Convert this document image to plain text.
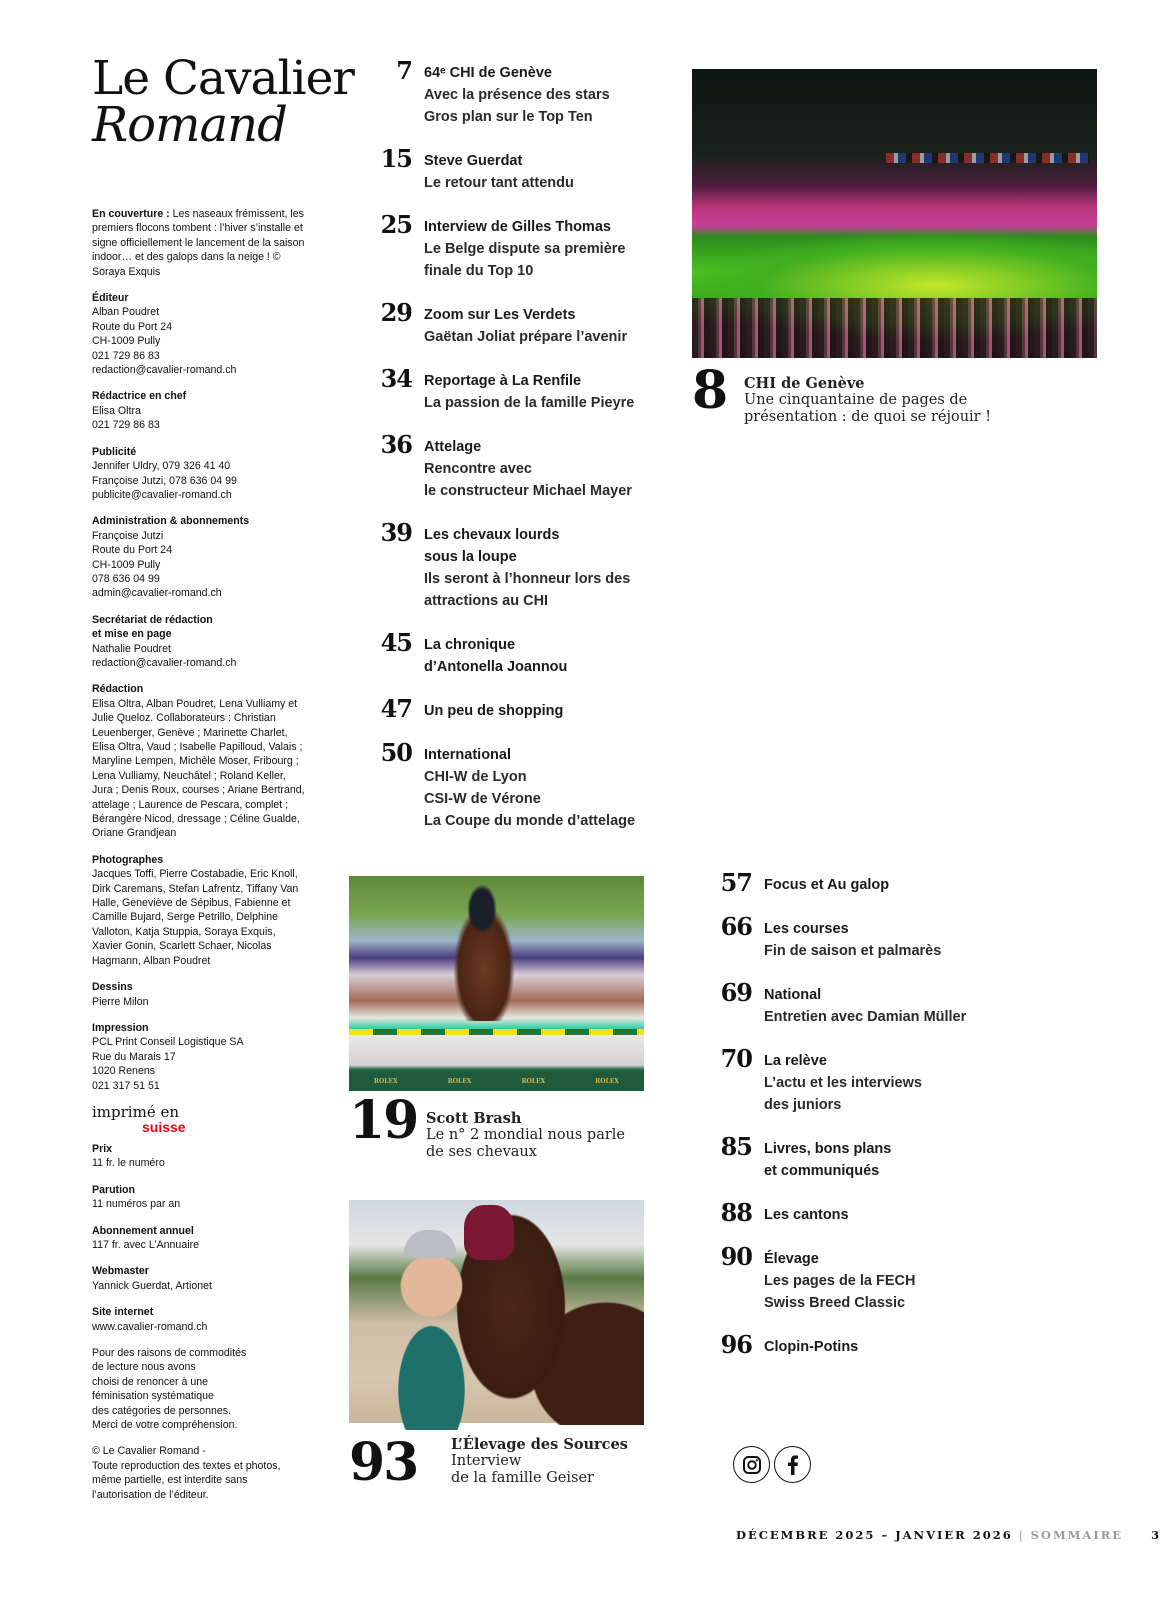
Le Cavalier
Romand
En couverture : Les naseaux frémissent, les premiers flocons tombent : l’hiver s’installe et signe officiellement le lancement de la saison indoor… et des galops dans la neige ! © Soraya Exquis
Éditeur
Alban Poudret
Route du Port 24
CH-1009 Pully
021 729 86 83
redaction@cavalier-romand.ch
Rédactrice en chef
Elisa Oltra
021 729 86 83
Publicité
Jennifer Uldry, 079 326 41 40
Françoise Jutzi, 078 636 04 99
publicite@cavalier-romand.ch
Administration & abonnements
Françoise Jutzi
Route du Port 24
CH-1009 Pully
078 636 04 99
admin@cavalier-romand.ch
Secrétariat de rédaction
et mise en page
Nathalie Poudret
redaction@cavalier-romand.ch
Rédaction
Elisa Oltra, Alban Poudret, Lena Vulliamy et Julie Queloz. Collaborateurs : Christian Leuenberger, Genève ; Marinette Charlet, Elisa Oltra, Vaud ; Isabelle Papilloud, Valais ; Maryline Lempen, Michèle Moser, Fribourg ; Lena Vulliamy, Neuchâtel ; Roland Keller, Jura ; Denis Roux, courses ; Ariane Bertrand, attelage ; Laurence de Pescara, complet ; Bérangère Nicod, dressage ; Céline Gualde, Oriane Grandjean
Photographes
Jacques Toffi, Pierre Costabadie, Eric Knoll, Dirk Caremans, Stefan Lafrentz, Tiffany Van Halle, Geneviève de Sépibus, Fabienne et Camille Bujard, Serge Petrillo, Delphine Valloton, Katja Stuppia, Soraya Exquis, Xavier Gonin, Scarlett Schaer, Nicolas Hagmann, Alban Poudret
Dessins
Pierre Milon
Impression
PCL Print Conseil Logistique SA
Rue du Marais 17
1020 Renens
021 317 51 51
imprimé en
suisse
Prix
11 fr. le numéro
Parution
11 numéros par an
Abonnement annuel
117 fr. avec L’Annuaire
Webmaster
Yannick Guerdat, Artionet
Site internet
www.cavalier-romand.ch
Pour des raisons de commodités
de lecture nous avons
choisi de renoncer à une
féminisation systématique
des catégories de personnes.
Merci de votre compréhension.
© Le Cavalier Romand -
Toute reproduction des textes et photos,
même partielle, est interdite sans
l’autorisation de l’éditeur.
7 64ᵉ CHI de Genève
Avec la présence des stars
Gros plan sur le Top Ten
15 Steve Guerdat
Le retour tant attendu
25 Interview de Gilles Thomas
Le Belge dispute sa première
finale du Top 10
29 Zoom sur Les Verdets
Gaëtan Joliat prépare l’avenir
34 Reportage à La Renfile
La passion de la famille Pieyre
36 Attelage
Rencontre avec
le constructeur Michael Mayer
39 Les chevaux lourds
sous la loupe
Ils seront à l’honneur lors des
attractions au CHI
45 La chronique
d’Antonella Joannou
47 Un peu de shopping
50 International
CHI-W de Lyon
CSI-W de Vérone
La Coupe du monde d’attelage
8 CHI de Genève
Une cinquantaine de pages de
présentation : de quoi se réjouir !
ROLEX	ROLEX	ROLEX	ROLEX
19 Scott Brash
Le n° 2 mondial nous parle
de ses chevaux
93 L’Élevage des Sources
Interview
de la famille Geiser
57 Focus et Au galop
66 Les courses
Fin de saison et palmarès
69 National
Entretien avec Damian Müller
70 La relève
L’actu et les interviews
des juniors
85 Livres, bons plans
et communiqués
88 Les cantons
90 Élevage
Les pages de la FECH
Swiss Breed Classic
96 Clopin-Potins
DÉCEMBRE 2025 – JANVIER 2026 | SOMMAIRE 3
